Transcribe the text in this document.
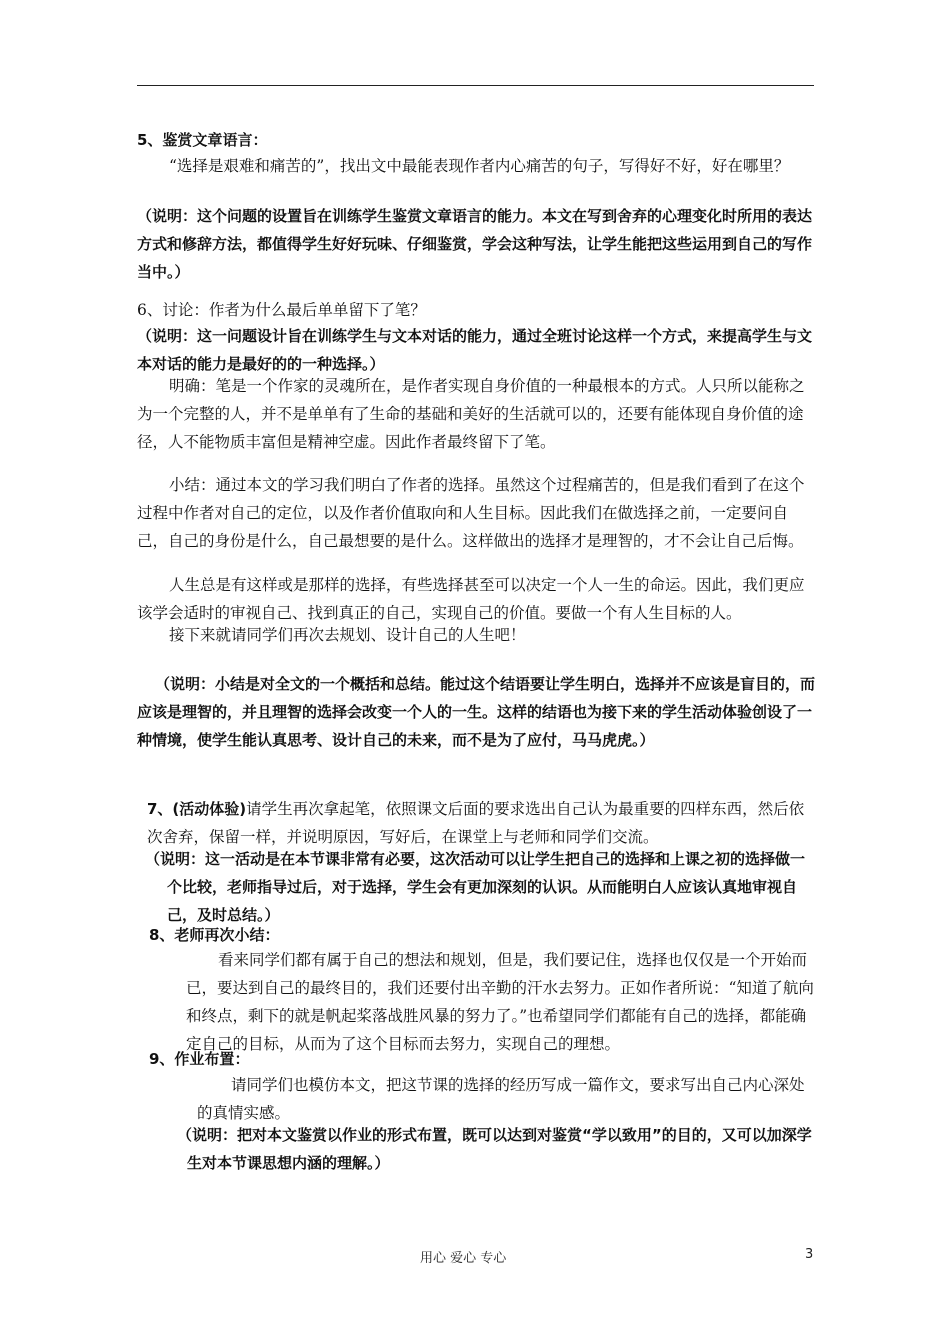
5、鉴赏文章语言：
“选择是艰难和痛苦的”，找出文中最能表现作者内心痛苦的句子，写得好不好，好在哪里？
（说明：这个问题的设置旨在训练学生鉴赏文章语言的能力。本文在写到舍弃的心理变化时所用的表达方式和修辞方法，都值得学生好好玩味、仔细鉴赏，学会这种写法，让学生能把这些运用到自己的写作当中。）
6、讨论：作者为什么最后单单留下了笔？
（说明：这一问题设计旨在训练学生与文本对话的能力，通过全班讨论这样一个方式，来提高学生与文本对话的能力是最好的的一种选择。）
明确：笔是一个作家的灵魂所在，是作者实现自身价值的一种最根本的方式。人只所以能称之为一个完整的人，并不是单单有了生命的基础和美好的生活就可以的，还要有能体现自身价值的途径，人不能物质丰富但是精神空虚。因此作者最终留下了笔。
小结：通过本文的学习我们明白了作者的选择。虽然这个过程痛苦的，但是我们看到了在这个过程中作者对自己的定位，以及作者价值取向和人生目标。因此我们在做选择之前，一定要问自己，自己的身份是什么，自己最想要的是什么。这样做出的选择才是理智的，才不会让自己后悔。
人生总是有这样或是那样的选择，有些选择甚至可以决定一个人一生的命运。因此，我们更应该学会适时的审视自己、找到真正的自己，实现自己的价值。要做一个有人生目标的人。
接下来就请同学们再次去规划、设计自己的人生吧！
（说明：小结是对全文的一个概括和总结。能过这个结语要让学生明白，选择并不应该是盲目的，而应该是理智的，并且理智的选择会改变一个人的一生。这样的结语也为接下来的学生活动体验创设了一种情境，使学生能认真思考、设计自己的未来，而不是为了应付，马马虎虎。）
7、(活动体验)请学生再次拿起笔，依照课文后面的要求选出自己认为最重要的四样东西，然后依次舍弃，保留一样，并说明原因，写好后，在课堂上与老师和同学们交流。
（说明：这一活动是在本节课非常有必要，这次活动可以让学生把自己的选择和上课之初的选择做一个比较，老师指导过后，对于选择，学生会有更加深刻的认识。从而能明白人应该认真地审视自己，及时总结。）
8、老师再次小结：
看来同学们都有属于自己的想法和规划，但是，我们要记住，选择也仅仅是一个开始而已，要达到自己的最终目的，我们还要付出辛勤的汗水去努力。正如作者所说：“知道了航向和终点，剩下的就是帆起桨落战胜风暴的努力了。”也希望同学们都能有自己的选择，都能确定自己的目标，从而为了这个目标而去努力，实现自己的理想。
9、作业布置：
请同学们也模仿本文，把这节课的选择的经历写成一篇作文，要求写出自己内心深处的真情实感。
（说明：把对本文鉴赏以作业的形式布置，既可以达到对鉴赏“学以致用”的目的，又可以加深学生对本节课思想内涵的理解。）
用心 爱心 专心	3
